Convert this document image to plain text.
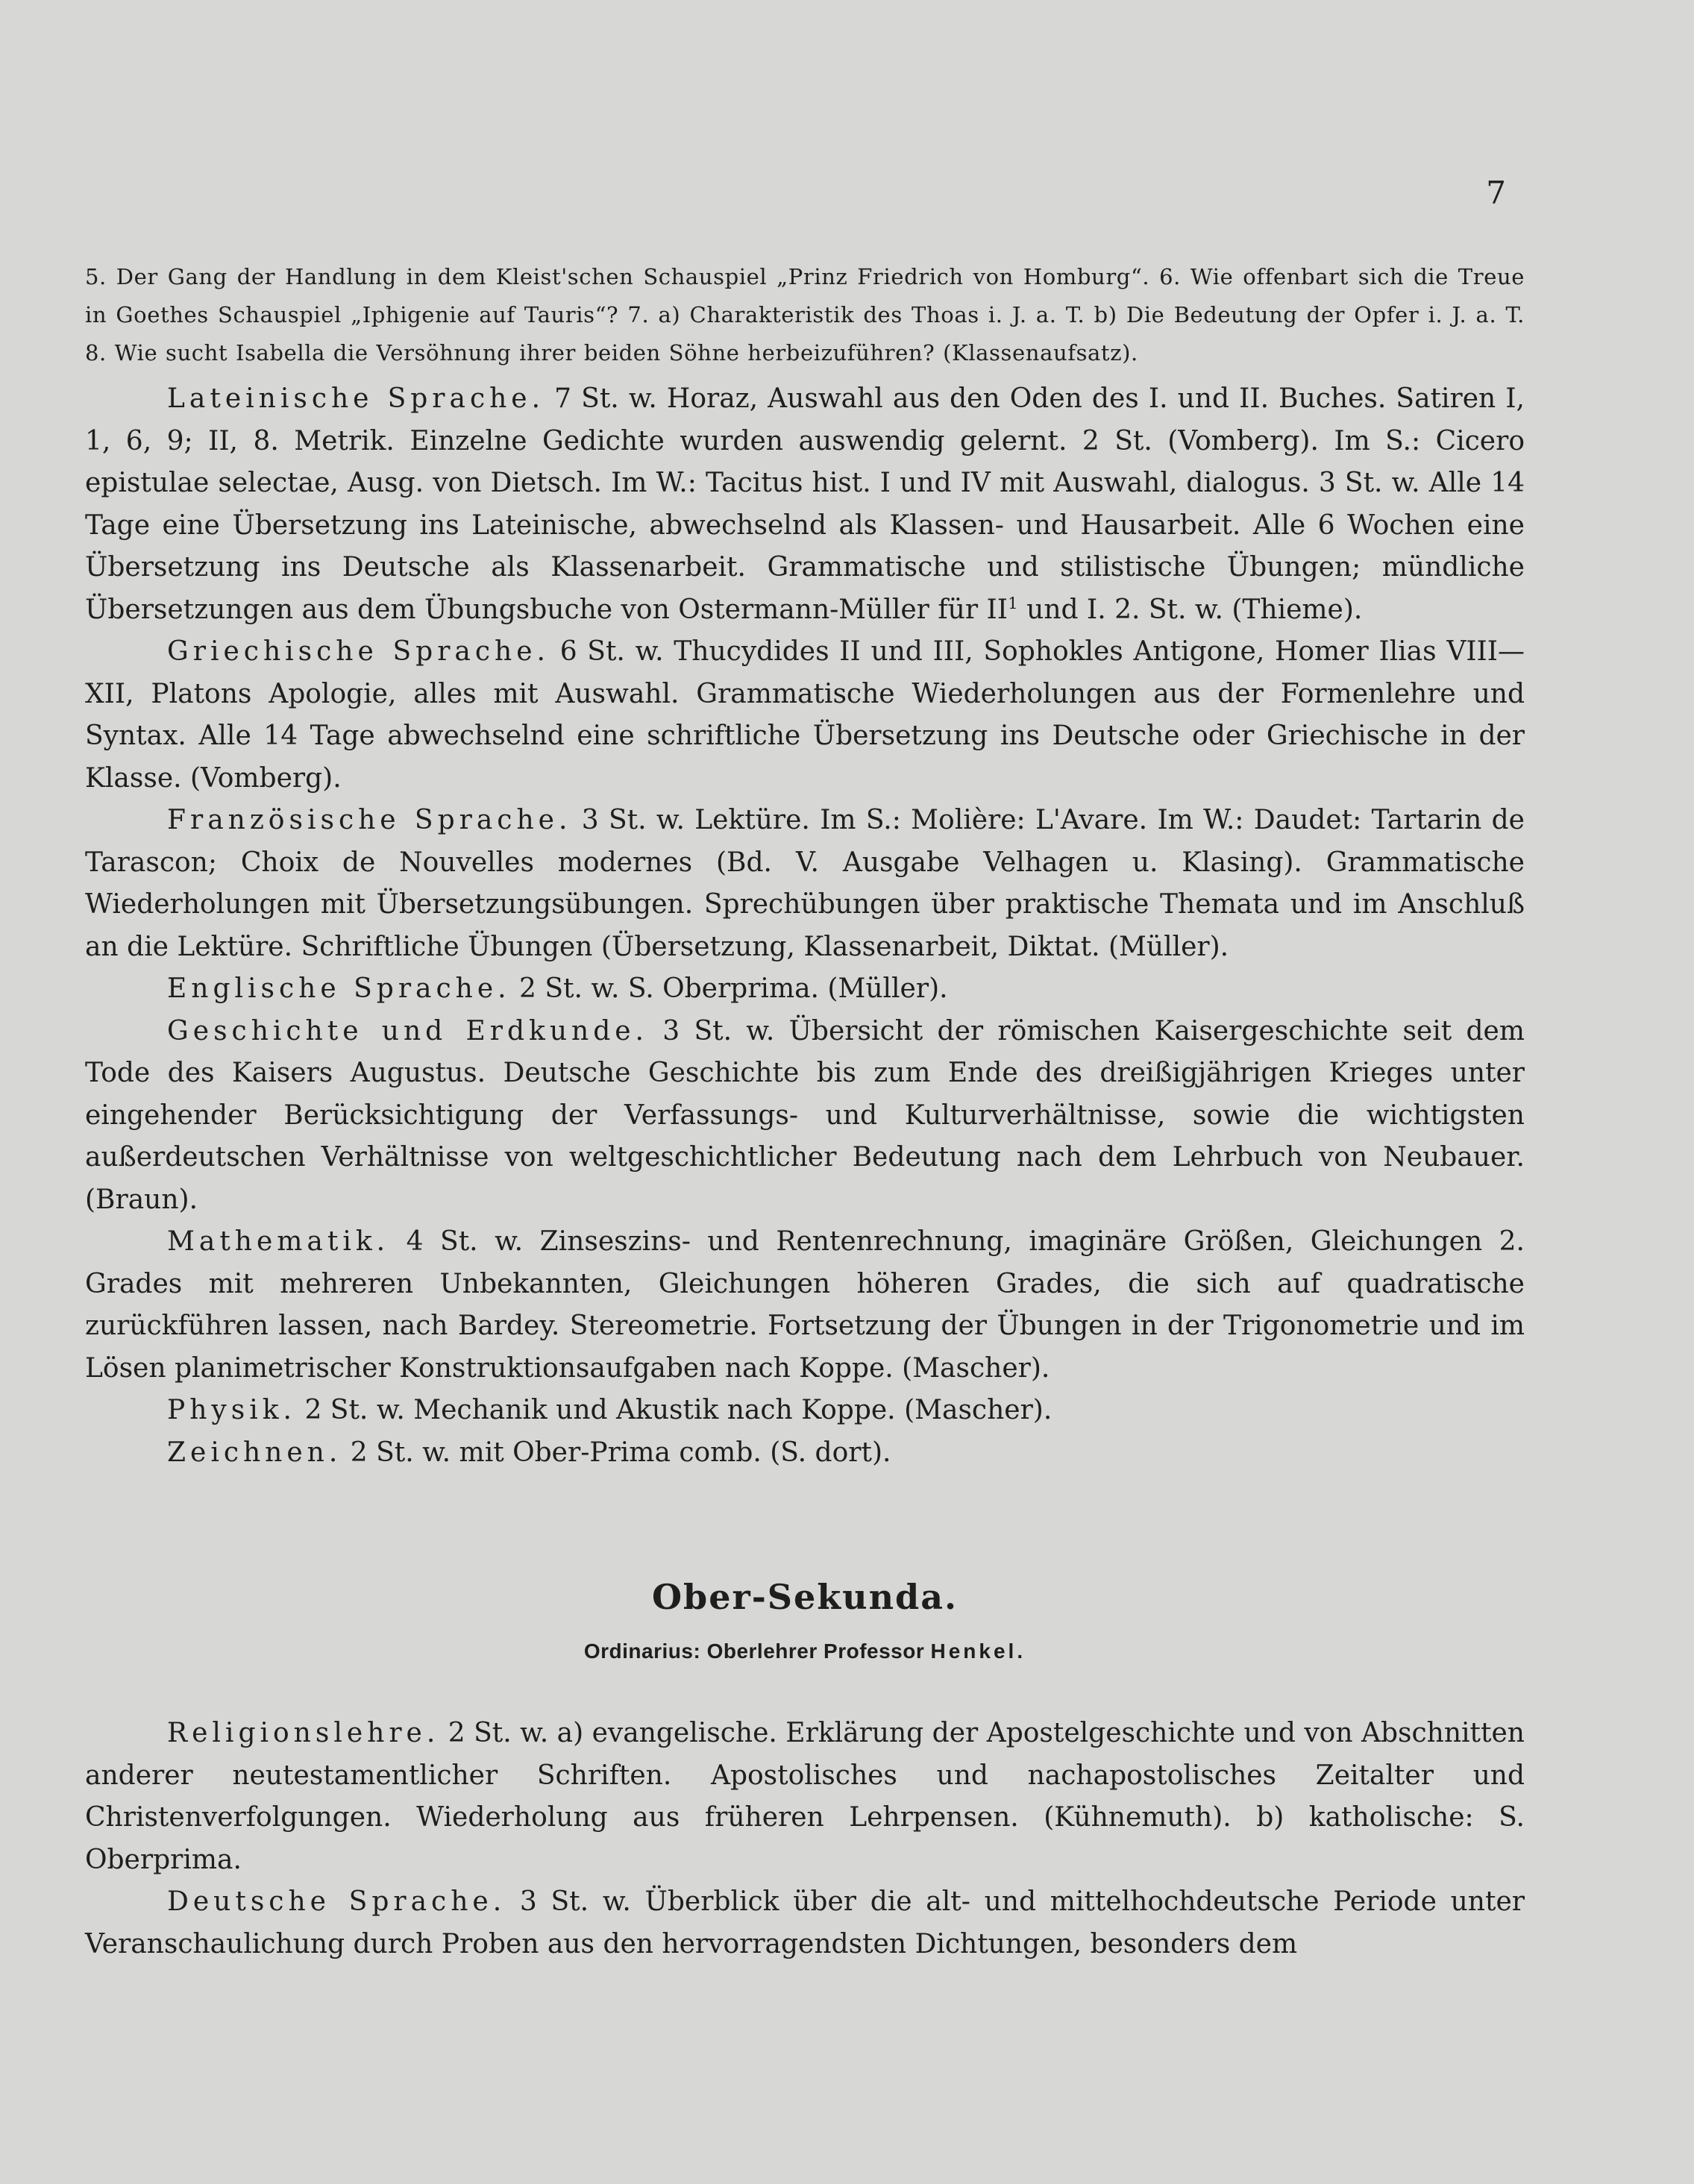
7

5. Der Gang der Handlung in dem Kleist'schen Schauspiel „Prinz Friedrich von Homburg“. 6. Wie offenbart sich die Treue in Goethes Schauspiel „Iphigenie auf Tauris“? 7. a) Charakteristik des Thoas i. J. a. T. b) Die Bedeutung der Opfer i. J. a. T. 8. Wie sucht Isabella die Versöhnung ihrer beiden Söhne herbeizuführen? (Klassenaufsatz).

Lateinische Sprache. 7 St. w. Horaz, Auswahl aus den Oden des I. und II. Buches. Satiren I, 1, 6, 9; II, 8. Metrik. Einzelne Gedichte wurden auswendig gelernt. 2 St. (Vomberg). Im S.: Cicero epistulae selectae, Ausg. von Dietsch. Im W.: Tacitus hist. I und IV mit Auswahl, dialogus. 3 St. w. Alle 14 Tage eine Übersetzung ins Lateinische, abwechselnd als Klassen- und Hausarbeit. Alle 6 Wochen eine Übersetzung ins Deutsche als Klassenarbeit. Grammatische und stilistische Übungen; mündliche Übersetzungen aus dem Übungsbuche von Ostermann-Müller für $II^1$ und I. 2. St. w. (Thieme).

Griechische Sprache. 6 St. w. Thucydides II und III, Sophokles Antigone, Homer Ilias VIII—XII, Platons Apologie, alles mit Auswahl. Grammatische Wiederholungen aus der Formenlehre und Syntax. Alle 14 Tage abwechselnd eine schriftliche Übersetzung ins Deutsche oder Griechische in der Klasse. (Vomberg).

Französische Sprache. 3 St. w. Lektüre. Im S.: Molière: L'Avare. Im W.: Daudet: Tartarin de Tarascon; Choix de Nouvelles modernes (Bd. V. Ausgabe Velhagen u. Klasing). Grammatische Wiederholungen mit Übersetzungsübungen. Sprechübungen über praktische Themata und im Anschluß an die Lektüre. Schriftliche Übungen (Übersetzung, Klassenarbeit, Diktat. (Müller).

Englische Sprache. 2 St. w. S. Oberprima. (Müller).

Geschichte und Erdkunde. 3 St. w. Übersicht der römischen Kaisergeschichte seit dem Tode des Kaisers Augustus. Deutsche Geschichte bis zum Ende des dreißigjährigen Krieges unter eingehender Berücksichtigung der Verfassungs- und Kulturverhältnisse, sowie die wichtigsten außerdeutschen Verhältnisse von weltgeschichtlicher Bedeutung nach dem Lehrbuch von Neubauer. (Braun).

Mathematik. 4 St. w. Zinseszins- und Rentenrechnung, imaginäre Größen, Gleichungen 2. Grades mit mehreren Unbekannten, Gleichungen höheren Grades, die sich auf quadratische zurückführen lassen, nach Bardey. Stereometrie. Fortsetzung der Übungen in der Trigonometrie und im Lösen planimetrischer Konstruktionsaufgaben nach Koppe. (Mascher).

Physik. 2 St. w. Mechanik und Akustik nach Koppe. (Mascher).

Zeichnen. 2 St. w. mit Ober-Prima comb. (S. dort).

Ober-Sekunda.
Ordinarius: Oberlehrer Professor Henkel.

Religionslehre. 2 St. w. a) evangelische. Erklärung der Apostelgeschichte und von Abschnitten anderer neutestamentlicher Schriften. Apostolisches und nachapostolisches Zeitalter und Christenverfolgungen. Wiederholung aus früheren Lehrpensen. (Kühnemuth). b) katholische: S. Oberprima.

Deutsche Sprache. 3 St. w. Überblick über die alt- und mittelhochdeutsche Periode unter Veranschaulichung durch Proben aus den hervorragendsten Dichtungen, besonders dem
